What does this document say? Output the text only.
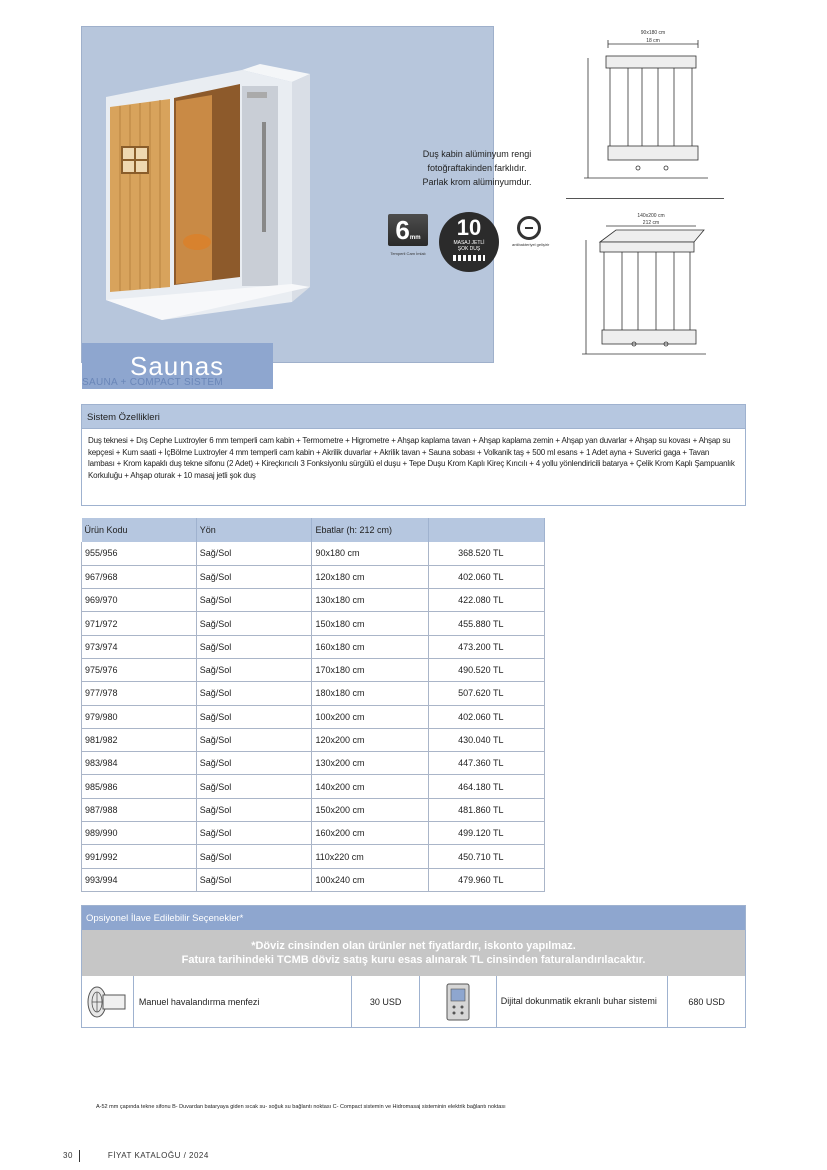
Duş kabin alüminyum rengi
fotoğraftakinden farklıdır.
Parlak krom alüminyumdur.
6mm
Temperli Cam İmlalı
10
MASAJ JETLİ
ŞOK DUŞ
antibakteriyel gelişirir
Saunas
90x180 cm
18 cm
140x200 cm
212 cm
SAUNA + COMPACT SİSTEM
Sistem Özellikleri
Duş teknesi + Dış Cephe Luxtroyler 6 mm temperli cam kabin + Termometre + Higrometre + Ahşap kaplama tavan + Ahşap kaplama zemin + Ahşap yan duvarlar + Ahşap su kovası + Ahşap su kepçesi + Kum saati + İçBölme Luxtroyler 4 mm temperli cam kabin + Akrilik duvarlar + Akrilik tavan + Sauna sobası + Volkanik taş + 500 ml esans + 1 Adet ayna + Suverici gaga + Tavan lambası + Krom kapaklı duş tekne sifonu (2 Adet) + Kireçkırıcılı 3 Fonksiyonlu sürgülü el duşu + Tepe Duşu Krom Kaplı Kireç Kırıcılı + 4 yollu yönlendiricili batarya + Çelik Krom Kaplı Şampuanlık Korkuluğu + Ahşap oturak + 10 masaj jetli şok duş
Ürün Kodu	Yön	Ebatlar (h: 212 cm)	
955/956	Sağ/Sol	90x180 cm	368.520 TL
967/968	Sağ/Sol	120x180 cm	402.060 TL
969/970	Sağ/Sol	130x180 cm	422.080 TL
971/972	Sağ/Sol	150x180 cm	455.880 TL
973/974	Sağ/Sol	160x180 cm	473.200 TL
975/976	Sağ/Sol	170x180 cm	490.520 TL
977/978	Sağ/Sol	180x180 cm	507.620 TL
979/980	Sağ/Sol	100x200 cm	402.060 TL
981/982	Sağ/Sol	120x200 cm	430.040 TL
983/984	Sağ/Sol	130x200 cm	447.360 TL
985/986	Sağ/Sol	140x200 cm	464.180 TL
987/988	Sağ/Sol	150x200 cm	481.860 TL
989/990	Sağ/Sol	160x200 cm	499.120 TL
991/992	Sağ/Sol	110x220 cm	450.710 TL
993/994	Sağ/Sol	100x240 cm	479.960 TL
Opsiyonel İlave Edilebilir Seçenekler*
*Döviz cinsinden olan ürünler net fiyatlardır, iskonto yapılmaz.
Fatura tarihindeki TCMB döviz satış kuru esas alınarak TL cinsinden faturalandırılacaktır.
Manuel havalandırma menfezi	30 USD	Dijital dokunmatik ekranlı buhar sistemi	680 USD
A-52 mm çapında tekne sifonu B- Duvardan bataryaya giden sıcak su- soğuk su bağlantı noktası C- Compact sistemin ve Hidromasaj sisteminin elektrik bağlantı noktası
30	FİYAT KATALOĞU / 2024
